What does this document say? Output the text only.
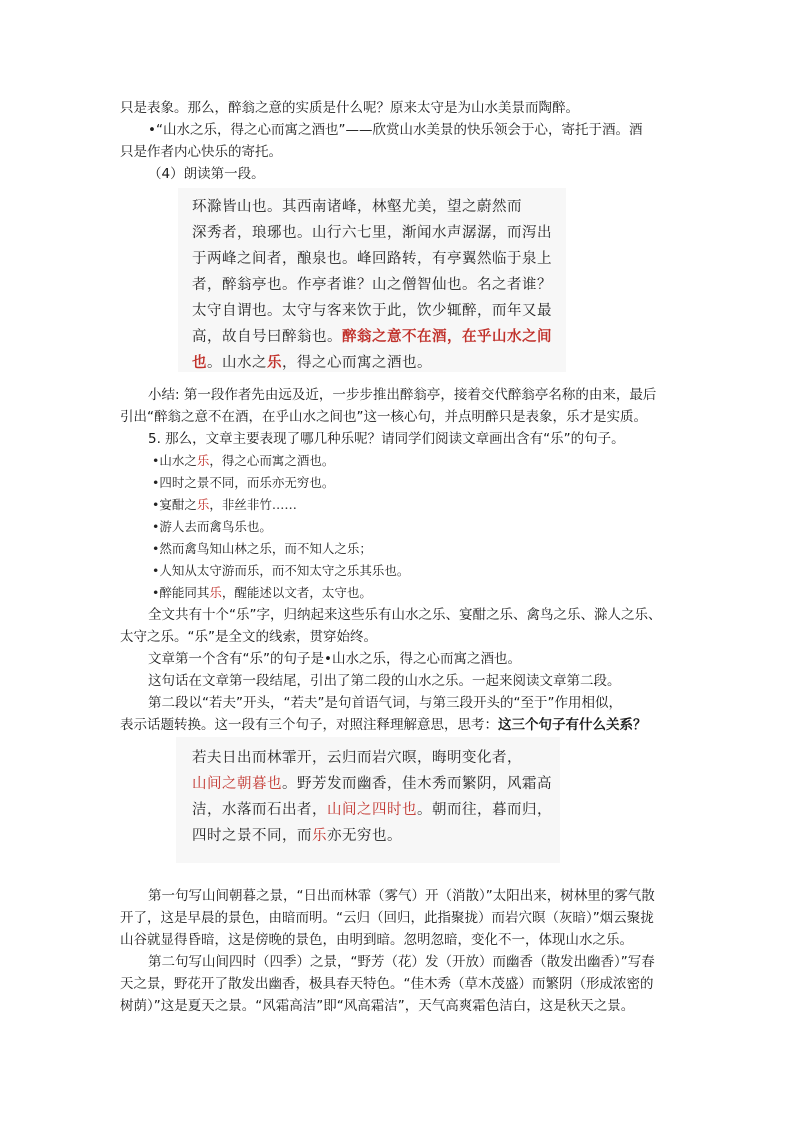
只是表象。那么，醉翁之意的实质是什么呢？原来太守是为山水美景而陶醉。
•“山水之乐，得之心而寓之酒也”——欣赏山水美景的快乐领会于心，寄托于酒。酒
只是作者内心快乐的寄托。
（4）朗读第一段。
环滁皆山也。其西南诸峰，林壑尤美，望之蔚然而
深秀者，琅琊也。山行六七里，渐闻水声潺潺，而泻出
于两峰之间者，酿泉也。峰回路转，有亭翼然临于泉上
者，醉翁亭也。作亭者谁？山之僧智仙也。名之者谁？
太守自谓也。太守与客来饮于此，饮少辄醉，而年又最
高，故自号曰醉翁也。醉翁之意不在酒，在乎山水之间
也。山水之乐，得之心而寓之酒也。
小结: 第一段作者先由远及近，一步步推出醉翁亭，接着交代醉翁亭名称的由来，最后
引出“醉翁之意不在酒，在乎山水之间也”这一核心句，并点明醉只是表象，乐才是实质。
5. 那么，文章主要表现了哪几种乐呢？请同学们阅读文章画出含有“乐”的句子。
•山水之乐，得之心而寓之酒也。
•四时之景不同，而乐亦无穷也。
•宴酣之乐，非丝非竹……
•游人去而禽鸟乐也。
•然而禽鸟知山林之乐，而不知人之乐；
•人知从太守游而乐，而不知太守之乐其乐也。
•醉能同其乐，醒能述以文者，太守也。
全文共有十个“乐”字，归纳起来这些乐有山水之乐、宴酣之乐、禽鸟之乐、滁人之乐、
太守之乐。“乐”是全文的线索，贯穿始终。
文章第一个含有“乐”的句子是•山水之乐，得之心而寓之酒也。
这句话在文章第一段结尾，引出了第二段的山水之乐。一起来阅读文章第二段。
第二段以“若夫”开头，“若夫”是句首语气词，与第三段开头的“至于”作用相似，
表示话题转换。这一段有三个句子，对照注释理解意思，思考：这三个句子有什么关系？
若夫日出而林霏开，云归而岩穴暝，晦明变化者，
山间之朝暮也。野芳发而幽香，佳木秀而繁阴，风霜高
洁，水落而石出者，山间之四时也。朝而往，暮而归，
四时之景不同，而乐亦无穷也。
第一句写山间朝暮之景，“日出而林霏（雾气）开（消散）”太阳出来，树林里的雾气散
开了，这是早晨的景色，由暗而明。“云归（回归，此指聚拢）而岩穴暝（灰暗）”烟云聚拢
山谷就显得昏暗，这是傍晚的景色，由明到暗。忽明忽暗，变化不一，体现山水之乐。
第二句写山间四时（四季）之景，“野芳（花）发（开放）而幽香（散发出幽香）”写春
天之景，野花开了散发出幽香，极具春天特色。“佳木秀（草木茂盛）而繁阴（形成浓密的
树荫）”这是夏天之景。“风霜高洁”即“风高霜洁”，天气高爽霜色洁白，这是秋天之景。
